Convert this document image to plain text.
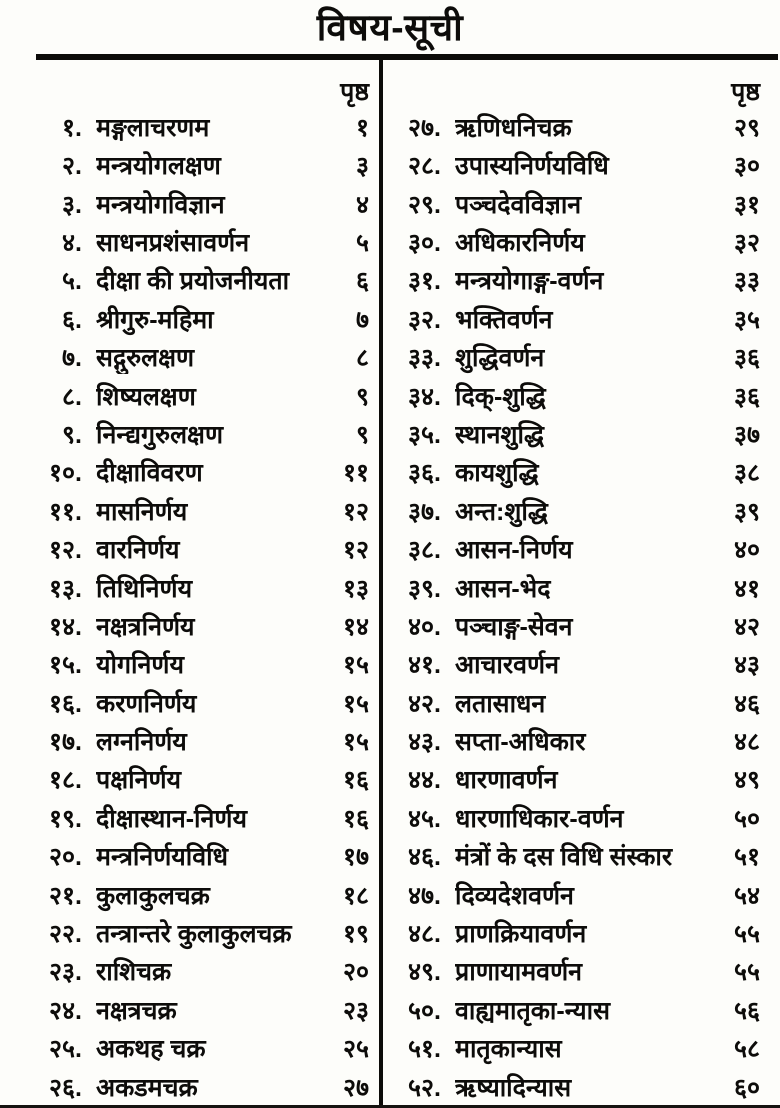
विषय-सूची
पृष्ठ
१. मङ्गलाचरणम	१
२. मन्त्रयोगलक्षण	३
३. मन्त्रयोगविज्ञान	४
४. साधनप्रशंसावर्णन	५
५. दीक्षा की प्रयोजनीयता	६
६. श्रीगुरु-महिमा	७
७. सद्गुरुलक्षण	८
८. शिष्यलक्षण	९
९. निन्द्यगुरुलक्षण	९
१०. दीक्षाविवरण	११
११. मासनिर्णय	१२
१२. वारनिर्णय	१२
१३. तिथिनिर्णय	१३
१४. नक्षत्रनिर्णय	१४
१५. योगनिर्णय	१५
१६. करणनिर्णय	१५
१७. लग्ननिर्णय	१५
१८. पक्षनिर्णय	१६
१९. दीक्षास्थान-निर्णय	१६
२०. मन्त्रनिर्णयविधि	१७
२१. कुलाकुलचक्र	१८
२२. तन्त्रान्तरे कुलाकुलचक्र	१९
२३. राशिचक्र	२०
२४. नक्षत्रचक्र	२३
२५. अकथह चक्र	२५
२६. अकडमचक्र	२७
पृष्ठ
२७. ऋणिधनिचक्र	२९
२८. उपास्यनिर्णयविधि	३०
२९. पञ्चदेवविज्ञान	३१
३०. अधिकारनिर्णय	३२
३१. मन्त्रयोगाङ्ग-वर्णन	३३
३२. भक्तिवर्णन	३५
३३. शुद्धिवर्णन	३६
३४. दिक्-शुद्धि	३६
३५. स्थानशुद्धि	३७
३६. कायशुद्धि	३८
३७. अन्त:शुद्धि	३९
३८. आसन-निर्णय	४०
३९. आसन-भेद	४१
४०. पञ्चाङ्ग-सेवन	४२
४१. आचारवर्णन	४३
४२. लतासाधन	४६
४३. सप्ता-अधिकार	४८
४४. धारणावर्णन	४९
४५. धारणाधिकार-वर्णन	५०
४६. मंत्रों के दस विधि संस्कार	५१
४७. दिव्यदेशवर्णन	५४
४८. प्राणक्रियावर्णन	५५
४९. प्राणायामवर्णन	५५
५०. वाह्यमातृका-न्यास	५६
५१. मातृकान्यास	५८
५२. ऋष्यादिन्यास	६०
